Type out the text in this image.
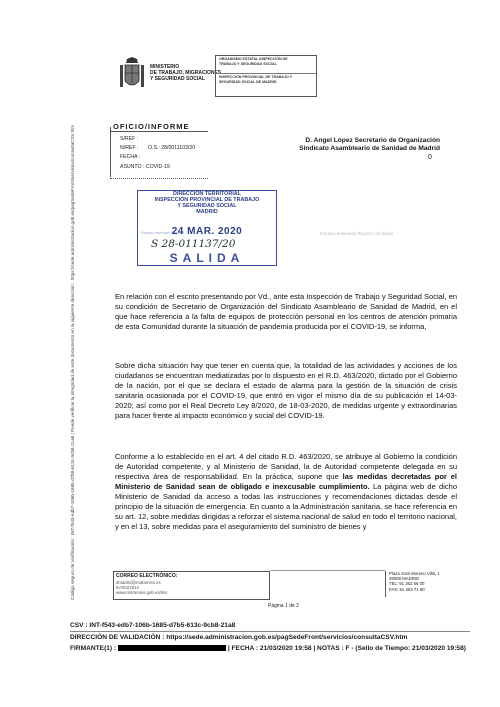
Código seguro de Verificación : INT-f543-edb7-106b-1685-d7b5-613c-9cb8-21a8 | Puede verificar la integridad de este documento en la siguiente dirección : https://sede.administracion.gob.es/pagSedeFront/servicios/consultaCSV.htm
MINISTERIO
DE TRABAJO, MIGRACIONES
Y SEGURIDAD SOCIAL
ORGANISMO ESTATAL INSPECCIÓN DE
TRABAJO Y SEGURIDAD SOCIAL
INSPECCIÓN PROVINCIAL DE TRABAJO Y
SEGURIDAD SOCIAL DE MADRID
OFICIO/INFORME
S/REF :
N/REF : O.S.: 28/0011103/20
FECHA :
ASUNTO : COVID-19
D. Angel López Secretario de Organización
Sindicato Asambleario de Sanidad de Madrid
0
DIRECCIÓN TERRITORIAL
INSPECCIÓN PROVINCIAL DE TRABAJO
Y SEGURIDAD SOCIAL
MADRID
Espacio reservado Registro
24 MAR. 2020
S 28-011137/20
SALIDA
Espacio reservado Registro de Salida
En relación con el escrito presentando por Vd., ante esta Inspección de Trabajo y Seguridad Social, en su condición de Secretario de Organización del Sindicato Asambleario de Sanidad de Madrid, en el que hace referencia a la falta de equipos de protección personal en los centros de atención primaria de esta Comunidad durante la situación de pandemia producida por el COVID-19, se informa,
Sobre dicha situación hay que tener en cuenta que, la totalidad de las actividades y acciones de los ciudadanos se encuentran mediatizadas por lo dispuesto en el R.D. 463/2020, dictado por el Gobierno de la nación, por el que se declara el estado de alarma para la gestión de la situación de crisis sanitaria ocasionada por el COVID-19, que entró en vigor el mismo día de su publicación el 14-03-2020; así como por el Real Decreto Ley 8/2020, de 18-03-2020, de medidas urgente y extraordinarias para hacer frente al impacto económico y social del COVID-19.
Conforme a lo establecido en el art. 4 del citado R.D. 463/2020, se atribuye al Gobierno la condición de Autoridad competente, y al Ministerio de Sanidad, la de Autoridad competente delegada en su respectiva área de responsabilidad. En la práctica, supone que las medidas decretadas por el Ministerio de Sanidad sean de obligado e inexcusable cumplimiento. La página web de dicho Ministerio de Sanidad da acceso a todas las instrucciones y recomendaciones dictadas desde el principio de la situación de emergencia. En cuanto a la Administración sanitaria, se hace referencia en su art. 12, sobre medidas dirigidas a reforzar el sistema nacional de salud en todo el territorio nacional, y en el 13, sobre medidas para el aseguramiento del suministro de bienes y
CORREO ELECTRÓNICO:
itmadrid@mitramiss.es
EA0021812
www.mitramiss.gob.es/itss
Plaza José Moreno Villa, 1
28008 MADRID
TEL: 91 363 56 00
FAX: 91 363 71 80
Página 1 de 2
CSV : INT-f543-edb7-106b-1685-d7b5-613c-9cb8-21a8
DIRECCIÓN DE VALIDACIÓN : https://sede.administracion.gob.es/pagSedeFront/servicios/consultaCSV.htm
FIRMANTE(1) :	| FECHA : 21/03/2020 19:58 | NOTAS : F - (Sello de Tiempo: 21/03/2020 19:58)
